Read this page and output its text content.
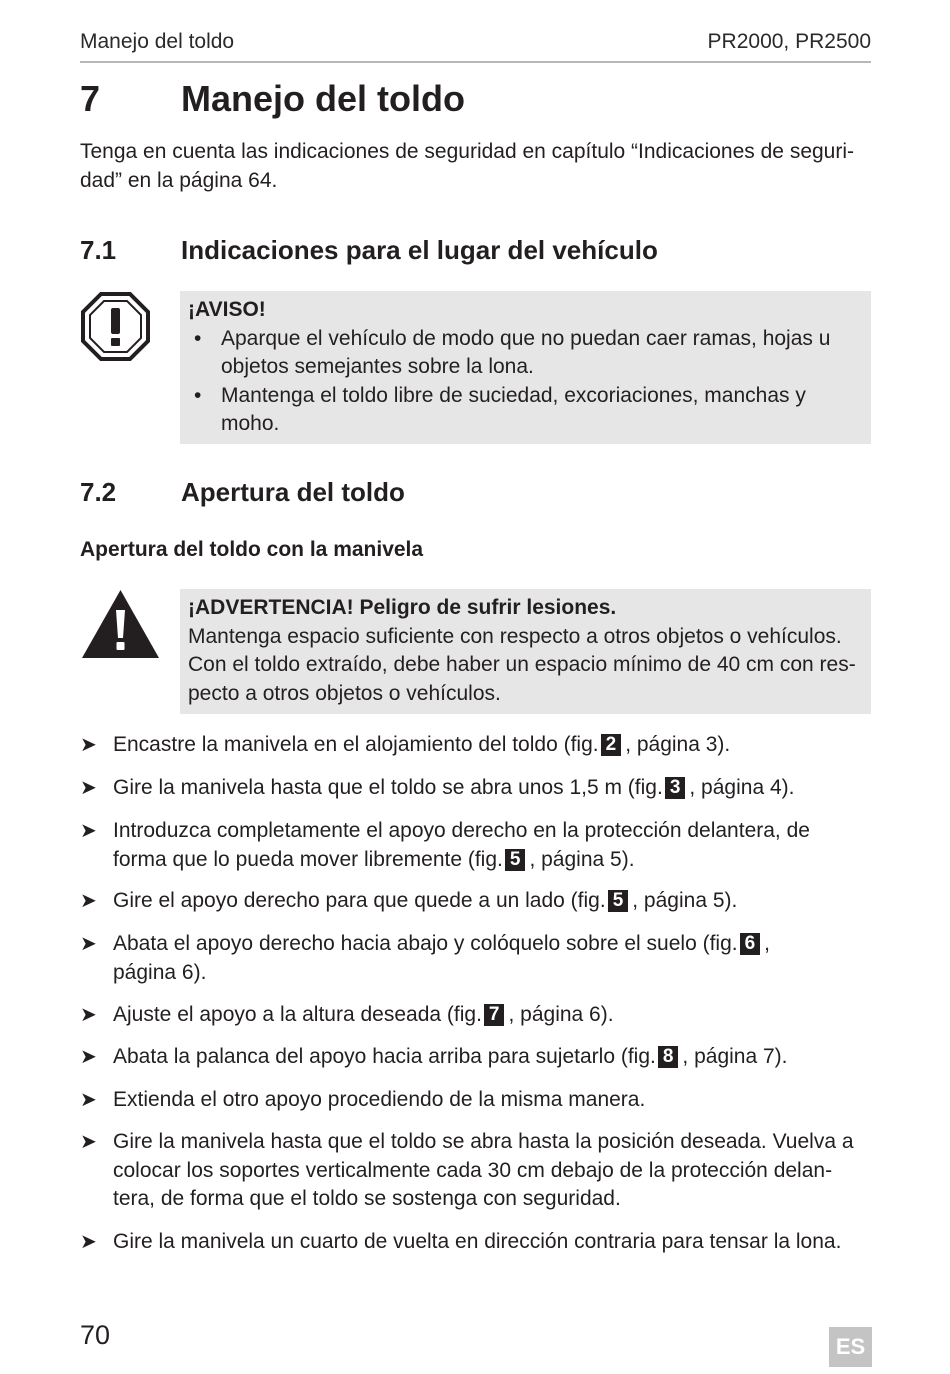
Manejo del toldo	PR2000, PR2500
7 Manejo del toldo
Tenga en cuenta las indicaciones de seguridad en capítulo “Indicaciones de seguri-
dad” en la página 64.
7.1 Indicaciones para el lugar del vehículo
¡AVISO!
• Aparque el vehículo de modo que no puedan caer ramas, hojas u
objetos semejantes sobre la lona.
• Mantenga el toldo libre de suciedad, excoriaciones, manchas y
moho.
7.2 Apertura del toldo
Apertura del toldo con la manivela
¡ADVERTENCIA! Peligro de sufrir lesiones.
Mantenga espacio suficiente con respecto a otros objetos o vehículos.
Con el toldo extraído, debe haber un espacio mínimo de 40 cm con res-
pecto a otros objetos o vehículos.
➤ Encastre la manivela en el alojamiento del toldo (fig. 2 , página 3).
➤ Gire la manivela hasta que el toldo se abra unos 1,5 m (fig. 3 , página 4).
➤ Introduzca completamente el apoyo derecho en la protección delantera, de
forma que lo pueda mover libremente (fig. 5 , página 5).
➤ Gire el apoyo derecho para que quede a un lado (fig. 5 , página 5).
➤ Abata el apoyo derecho hacia abajo y colóquelo sobre el suelo (fig. 6 ,
página 6).
➤ Ajuste el apoyo a la altura deseada (fig. 7 , página 6).
➤ Abata la palanca del apoyo hacia arriba para sujetarlo (fig. 8 , página 7).
➤ Extienda el otro apoyo procediendo de la misma manera.
➤ Gire la manivela hasta que el toldo se abra hasta la posición deseada. Vuelva a
colocar los soportes verticalmente cada 30 cm debajo de la protección delan-
tera, de forma que el toldo se sostenga con seguridad.
➤ Gire la manivela un cuarto de vuelta en dirección contraria para tensar la lona.
70	ES
